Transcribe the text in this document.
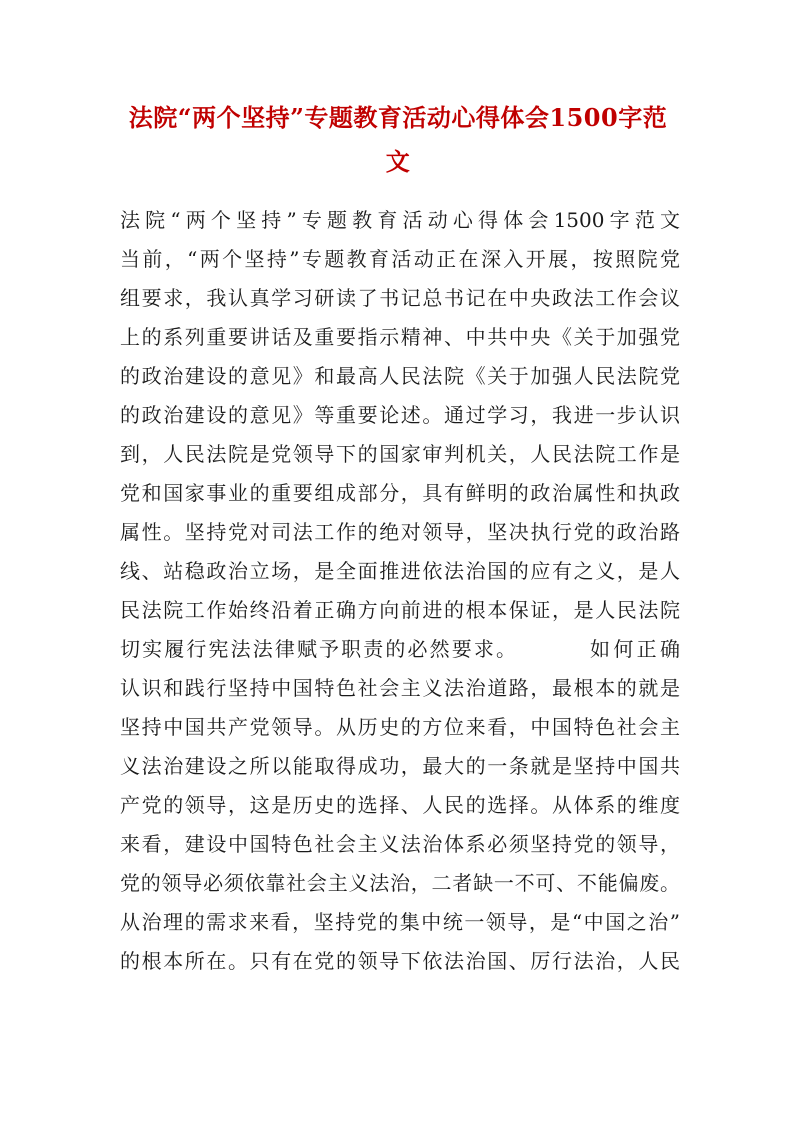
法院“两个坚持”专题教育活动心得体会1500字范文
法院“两个坚持”专题教育活动心得体会1500字范文
当前，“两个坚持”专题教育活动正在深入开展，按照院党
组要求，我认真学习研读了书记总书记在中央政法工作会议
上的系列重要讲话及重要指示精神、中共中央《关于加强党
的政治建设的意见》和最高人民法院《关于加强人民法院党
的政治建设的意见》等重要论述。通过学习，我进一步认识
到，人民法院是党领导下的国家审判机关，人民法院工作是
党和国家事业的重要组成部分，具有鲜明的政治属性和执政
属性。坚持党对司法工作的绝对领导，坚决执行党的政治路
线、站稳政治立场，是全面推进依法治国的应有之义，是人
民法院工作始终沿着正确方向前进的根本保证，是人民法院
切实履行宪法法律赋予职责的必然要求。	如何正确
认识和践行坚持中国特色社会主义法治道路，最根本的就是
坚持中国共产党领导。从历史的方位来看，中国特色社会主
义法治建设之所以能取得成功，最大的一条就是坚持中国共
产党的领导，这是历史的选择、人民的选择。从体系的维度
来看，建设中国特色社会主义法治体系必须坚持党的领导，
党的领导必须依靠社会主义法治，二者缺一不可、不能偏废。
从治理的需求来看，坚持党的集中统一领导，是“中国之治”
的根本所在。只有在党的领导下依法治国、厉行法治，人民
